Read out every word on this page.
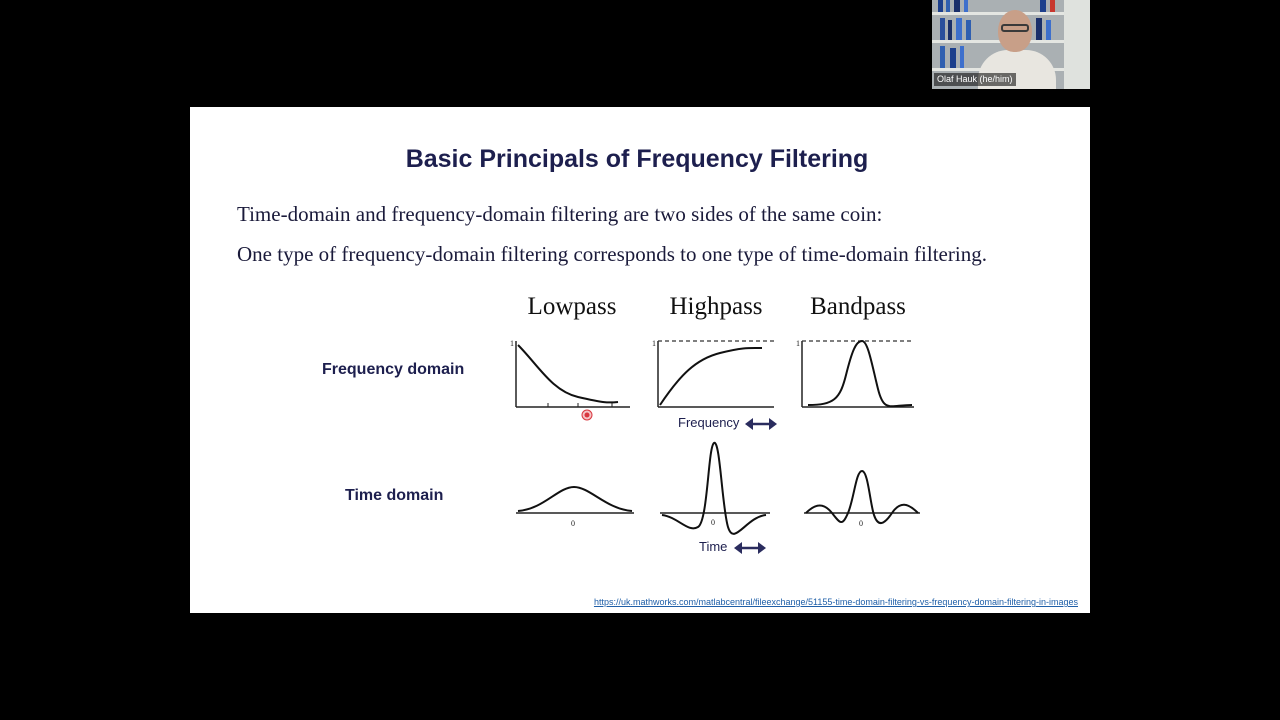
Olaf Hauk (he/him)
Basic Principals of Frequency Filtering
Time-domain and frequency-domain filtering are two sides of the same coin:
One type of frequency-domain filtering corresponds to one type of time-domain filtering.
Lowpass	Highpass	Bandpass
Frequency domain
Time domain
1	1	1
Frequency
0	0
Time
0
https://uk.mathworks.com/matlabcentral/fileexchange/51155-time-domain-filtering-vs-frequency-domain-filtering-in-images
